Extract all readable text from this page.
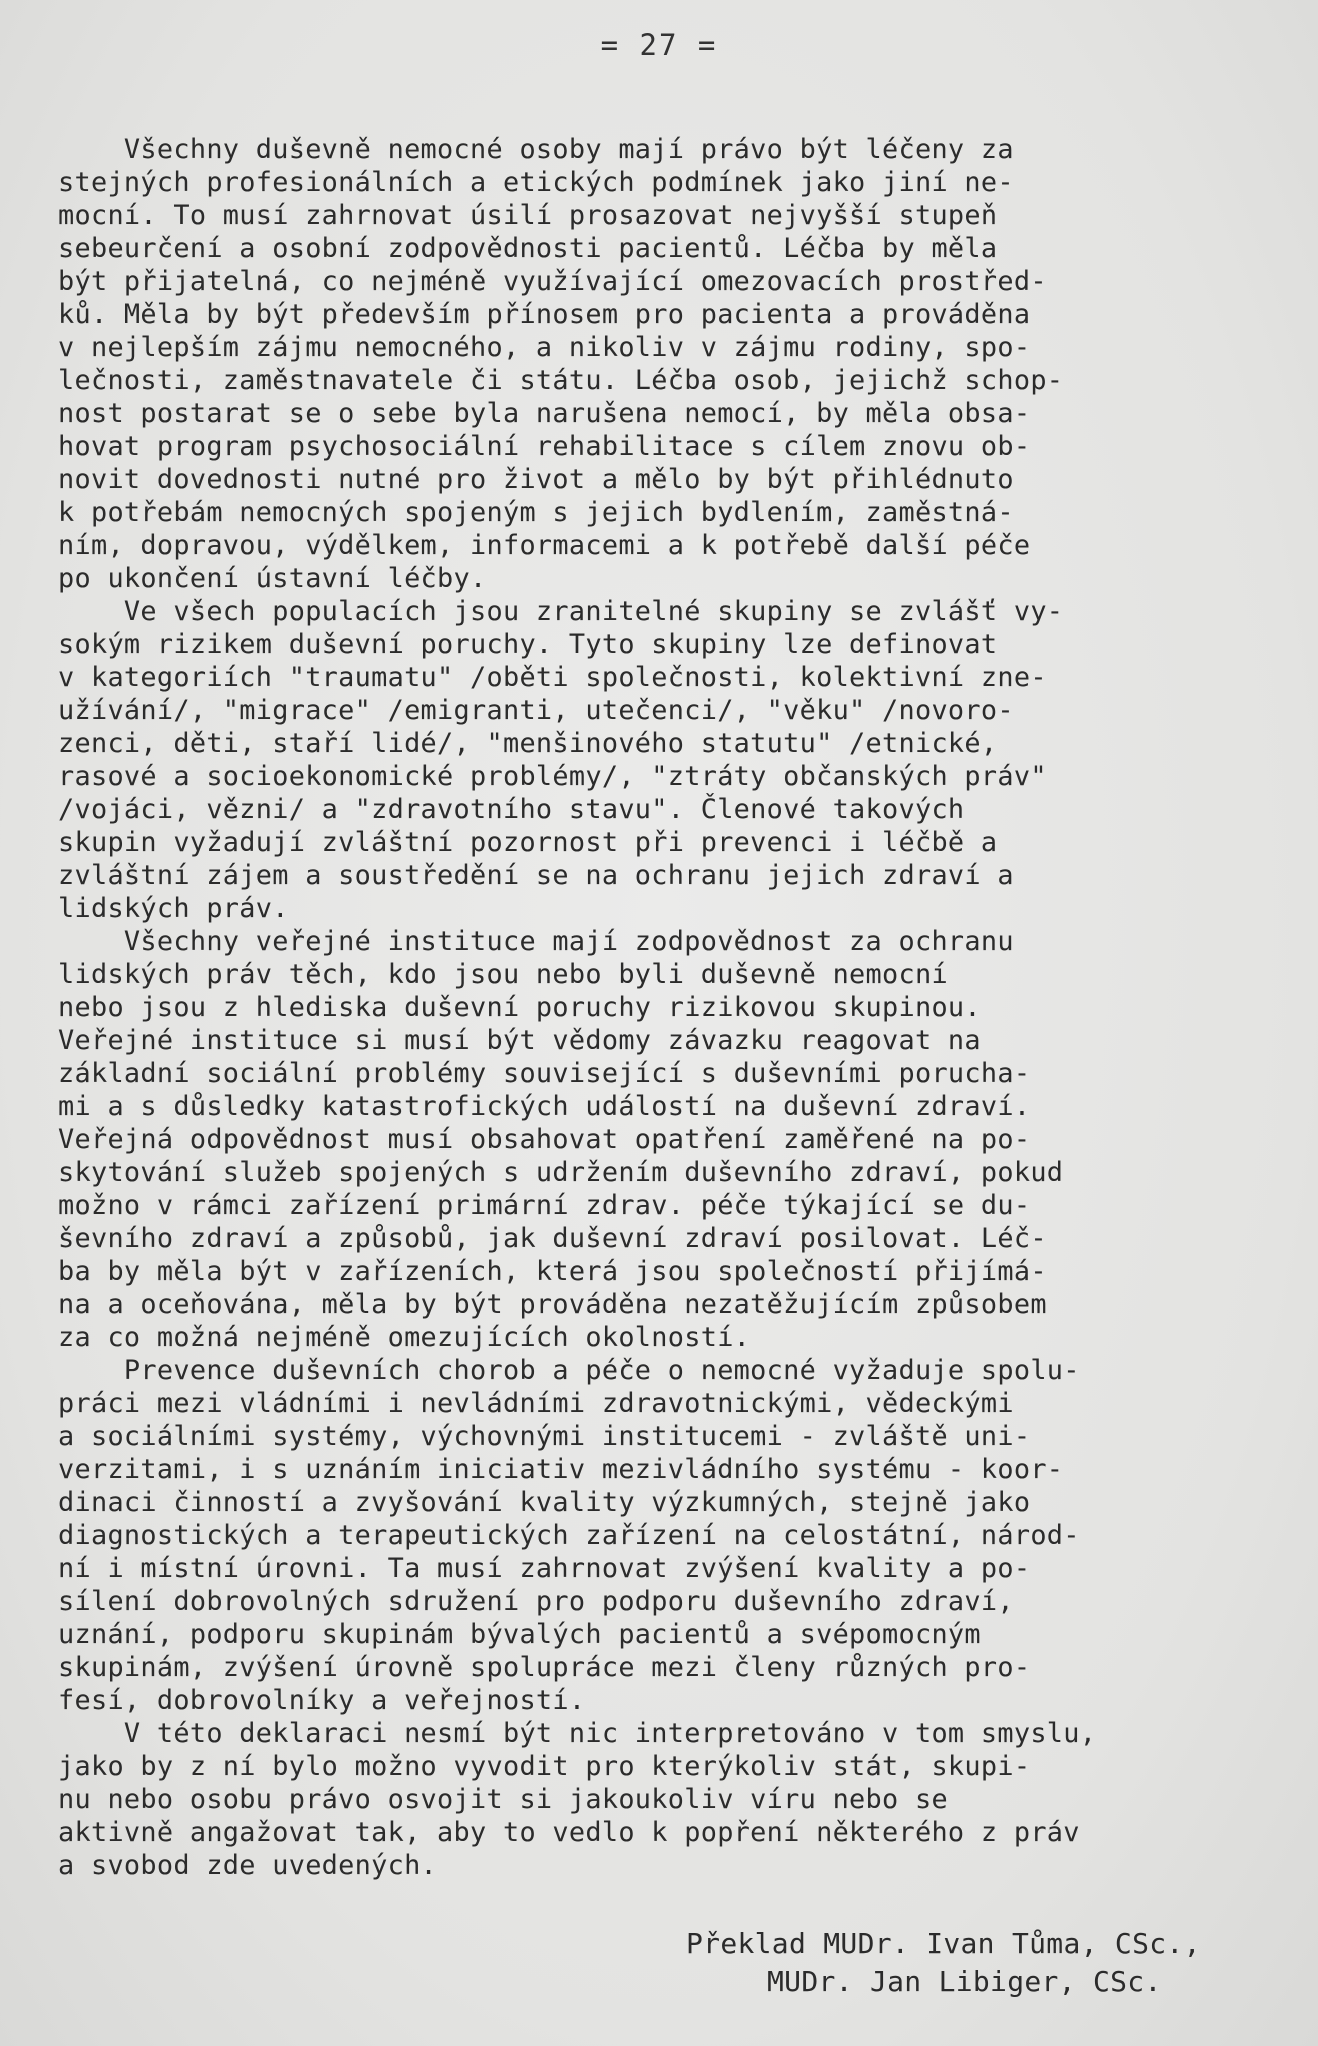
= 27 =
Všechny duševně nemocné osoby mají právo být léčeny za
stejných profesionálních a etických podmínek jako jiní ne-
mocní. To musí zahrnovat úsilí prosazovat nejvyšší stupeň
sebeurčení a osobní zodpovědnosti pacientů. Léčba by měla
být přijatelná, co nejméně využívající omezovacích prostřed-
ků. Měla by být především přínosem pro pacienta a prováděna
v nejlepším zájmu nemocného, a nikoliv v zájmu rodiny, spo-
lečnosti, zaměstnavatele či státu. Léčba osob, jejichž schop-
nost postarat se o sebe byla narušena nemocí, by měla obsa-
hovat program psychosociální rehabilitace s cílem znovu ob-
novit dovednosti nutné pro život a mělo by být přihlédnuto
k potřebám nemocných spojeným s jejich bydlením, zaměstná-
ním, dopravou, výdělkem, informacemi a k potřebě další péče
po ukončení ústavní léčby.
Ve všech populacích jsou zranitelné skupiny se zvlášť vy-
sokým rizikem duševní poruchy. Tyto skupiny lze definovat
v kategoriích "traumatu" /oběti společnosti, kolektivní zne-
užívání/, "migrace" /emigranti, utečenci/, "věku" /novoro-
zenci, děti, staří lidé/, "menšinového statutu" /etnické,
rasové a socioekonomické problémy/, "ztráty občanských práv"
/vojáci, vězni/ a "zdravotního stavu". Členové takových
skupin vyžadují zvláštní pozornost při prevenci i léčbě a
zvláštní zájem a soustředění se na ochranu jejich zdraví a
lidských práv.
Všechny veřejné instituce mají zodpovědnost za ochranu
lidských práv těch, kdo jsou nebo byli duševně nemocní
nebo jsou z hlediska duševní poruchy rizikovou skupinou.
Veřejné instituce si musí být vědomy závazku reagovat na
základní sociální problémy související s duševními porucha-
mi a s důsledky katastrofických událostí na duševní zdraví.
Veřejná odpovědnost musí obsahovat opatření zaměřené na po-
skytování služeb spojených s udržením duševního zdraví, pokud
možno v rámci zařízení primární zdrav. péče týkající se du-
ševního zdraví a způsobů, jak duševní zdraví posilovat. Léč-
ba by měla být v zařízeních, která jsou společností přijímá-
na a oceňována, měla by být prováděna nezatěžujícím způsobem
za co možná nejméně omezujících okolností.
Prevence duševních chorob a péče o nemocné vyžaduje spolu-
práci mezi vládními i nevládními zdravotnickými, vědeckými
a sociálními systémy, výchovnými institucemi - zvláště uni-
verzitami, i s uznáním iniciativ mezivládního systému - koor-
dinaci činností a zvyšování kvality výzkumných, stejně jako
diagnostických a terapeutických zařízení na celostátní, národ-
ní i místní úrovni. Ta musí zahrnovat zvýšení kvality a po-
sílení dobrovolných sdružení pro podporu duševního zdraví,
uznání, podporu skupinám bývalých pacientů a svépomocným
skupinám, zvýšení úrovně spolupráce mezi členy různých pro-
fesí, dobrovolníky a veřejností.
V této deklaraci nesmí být nic interpretováno v tom smyslu,
jako by z ní bylo možno vyvodit pro kterýkoliv stát, skupi-
nu nebo osobu právo osvojit si jakoukoliv víru nebo se
aktivně angažovat tak, aby to vedlo k popření některého z práv
a svobod zde uvedených.
Překlad MUDr. Ivan Tůma, CSc.,
MUDr. Jan Libiger, CSc.
